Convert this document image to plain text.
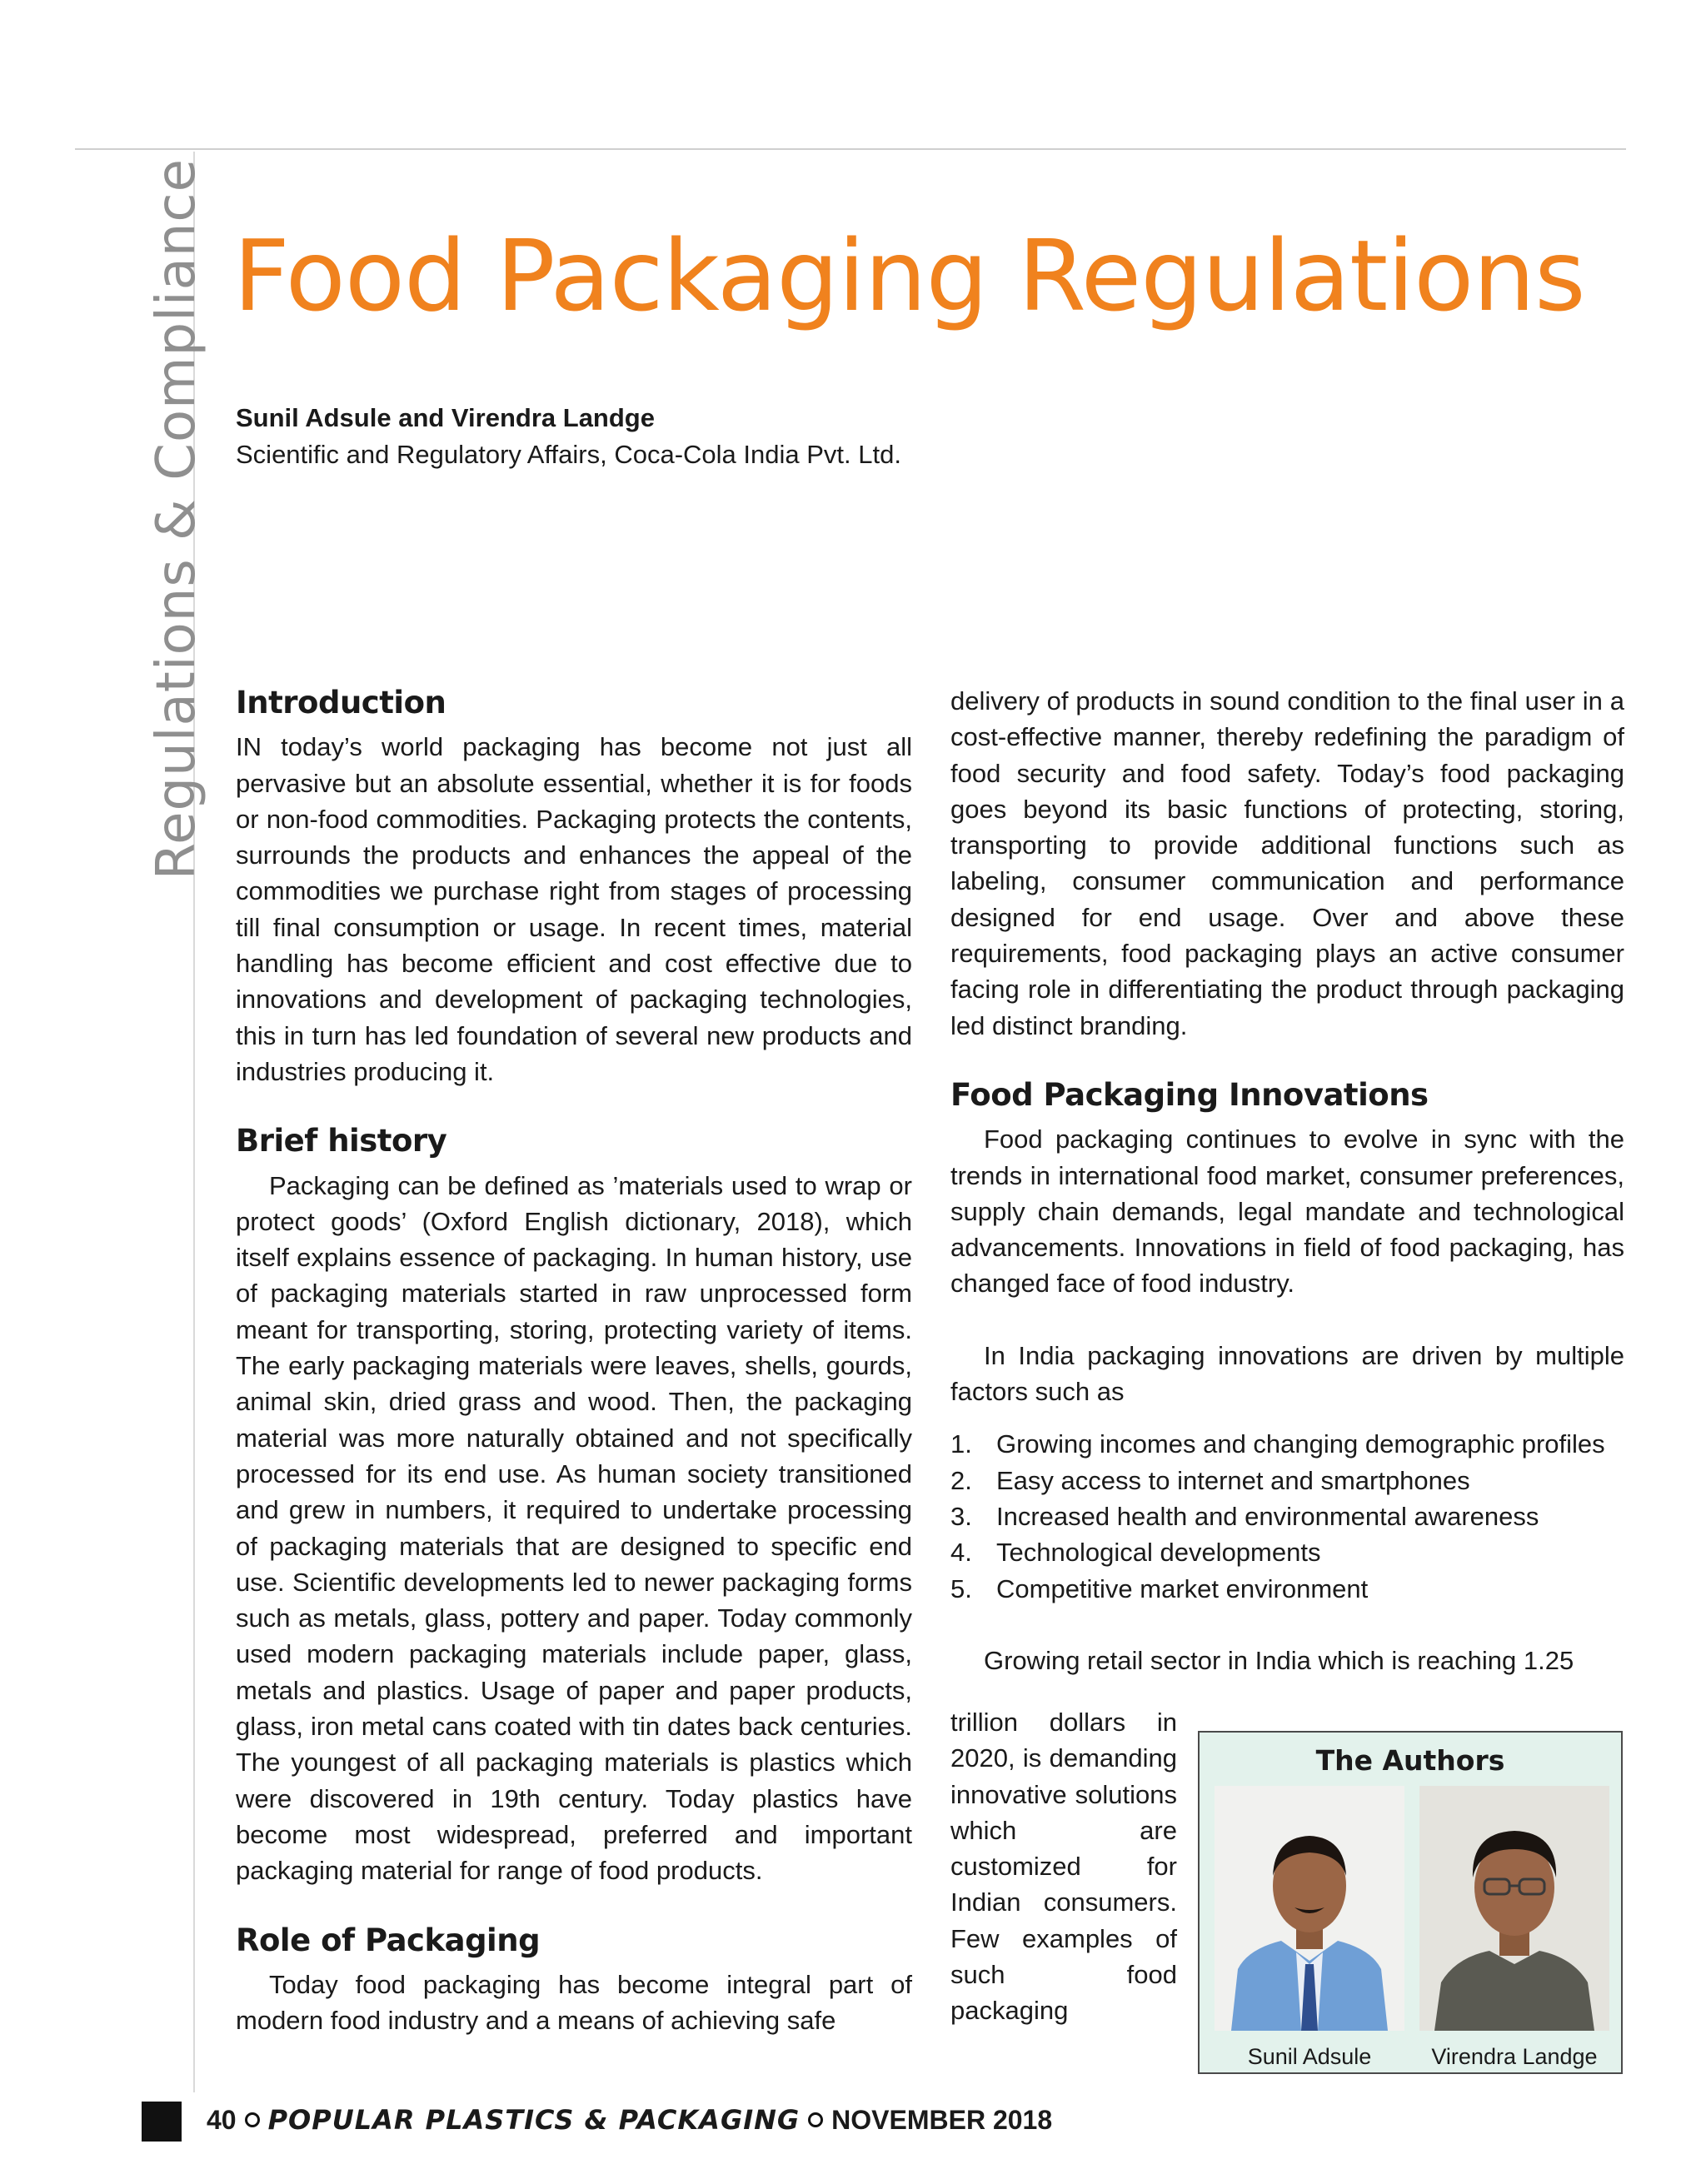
Regulations & Compliance Food Packaging Regulations
Sunil Adsule and Virendra Landge
Scientific and Regulatory Affairs, Coca-Cola India Pvt. Ltd.
Introduction

IN today’s world packaging has become not just all pervasive but an absolute essential, whether it is for foods or non-food commodities. Packaging protects the contents, surrounds the products and enhances the appeal of the commodities we purchase right from stages of processing till final consumption or usage. In recent times, material handling has become efficient and cost effective due to innovations and development of packaging technologies, this in turn has led foundation of several new products and industries producing it.

Brief history

Packaging can be defined as ’materials used to wrap or protect goods’ (Oxford English dictionary, 2018), which itself explains essence of packaging. In human history, use of packaging materials started in raw unprocessed form meant for transporting, storing, protecting variety of items. The early packaging materials were leaves, shells, gourds, animal skin, dried grass and wood. Then, the packaging material was more naturally obtained and not specifically processed for its end use. As human society transitioned and grew in numbers, it required to undertake processing of packaging materials that are designed to specific end use. Scientific developments led to newer packaging forms such as metals, glass, pottery and paper. Today commonly used modern packaging materials include paper, glass, metals and plastics. Usage of paper and paper products, glass, iron metal cans coated with tin dates back centuries. The youngest of all packaging materials is plastics which were discovered in 19th century. Today plastics have become most widespread, preferred and important packaging material for range of food products.

Role of Packaging

Today food packaging has become integral part of modern food industry and a means of achieving safe

delivery of products in sound condition to the final user in a cost-effective manner, thereby redefining the paradigm of food security and food safety. Today’s food packaging goes beyond its basic functions of protecting, storing, transporting to provide additional functions such as labeling, consumer communication and performance designed for end usage. Over and above these requirements, food packaging plays an active consumer facing role in differentiating the product through packaging led distinct branding.

Food Packaging Innovations

Food packaging continues to evolve in sync with the trends in international food market, consumer preferences, supply chain demands, legal mandate and technological advancements. Innovations in field of food packaging, has changed face of food industry.

In India packaging innovations are driven by multiple factors such as

1. Growing incomes and changing demographic profiles
2. Easy access to internet and smartphones
3. Increased health and environmental awareness
4. Technological developments
5. Competitive market environment

Growing retail sector in India which is reaching 1.25

trillion dollars in 2020, is demanding innovative solutions which are customized for Indian consumers. Few examples of such food packaging

The Authors
Sunil Adsule	Virendra Landge
40 POPULAR PLASTICS & PACKAGING NOVEMBER 2018
